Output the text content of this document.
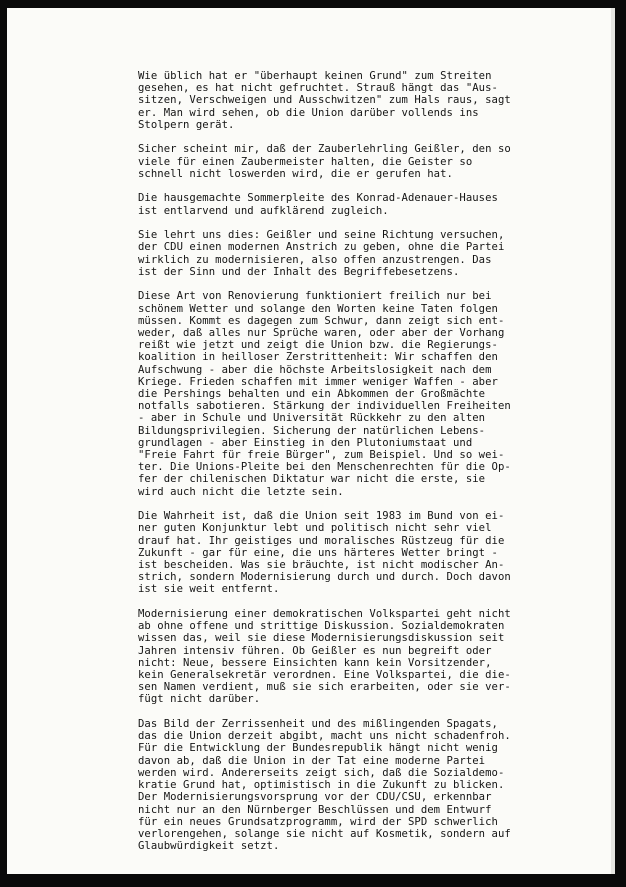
Wie üblich hat er "überhaupt keinen Grund" zum Streiten
gesehen, es hat nicht gefruchtet. Strauß hängt das "Aus-
sitzen, Verschweigen und Ausschwitzen" zum Hals raus, sagt
er. Man wird sehen, ob die Union darüber vollends ins
Stolpern gerät.

Sicher scheint mir, daß der Zauberlehrling Geißler, den so
viele für einen Zaubermeister halten, die Geister so
schnell nicht loswerden wird, die er gerufen hat.

Die hausgemachte Sommerpleite des Konrad-Adenauer-Hauses
ist entlarvend und aufklärend zugleich.

Sie lehrt uns dies: Geißler und seine Richtung versuchen,
der CDU einen modernen Anstrich zu geben, ohne die Partei
wirklich zu modernisieren, also offen anzustrengen. Das
ist der Sinn und der Inhalt des Begriffebesetzens.

Diese Art von Renovierung funktioniert freilich nur bei
schönem Wetter und solange den Worten keine Taten folgen
müssen. Kommt es dagegen zum Schwur, dann zeigt sich ent-
weder, daß alles nur Sprüche waren, oder aber der Vorhang
reißt wie jetzt und zeigt die Union bzw. die Regierungs-
koalition in heilloser Zerstrittenheit: Wir schaffen den
Aufschwung - aber die höchste Arbeitslosigkeit nach dem
Kriege. Frieden schaffen mit immer weniger Waffen - aber
die Pershings behalten und ein Abkommen der Großmächte
notfalls sabotieren. Stärkung der individuellen Freiheiten
- aber in Schule und Universität Rückkehr zu den alten
Bildungsprivilegien. Sicherung der natürlichen Lebens-
grundlagen - aber Einstieg in den Plutoniumstaat und
"Freie Fahrt für freie Bürger", zum Beispiel. Und so wei-
ter. Die Unions-Pleite bei den Menschenrechten für die Op-
fer der chilenischen Diktatur war nicht die erste, sie
wird auch nicht die letzte sein.

Die Wahrheit ist, daß die Union seit 1983 im Bund von ei-
ner guten Konjunktur lebt und politisch nicht sehr viel
drauf hat. Ihr geistiges und moralisches Rüstzeug für die
Zukunft - gar für eine, die uns härteres Wetter bringt -
ist bescheiden. Was sie bräuchte, ist nicht modischer An-
strich, sondern Modernisierung durch und durch. Doch davon
ist sie weit entfernt.

Modernisierung einer demokratischen Volkspartei geht nicht
ab ohne offene und strittige Diskussion. Sozialdemokraten
wissen das, weil sie diese Modernisierungsdiskussion seit
Jahren intensiv führen. Ob Geißler es nun begreift oder
nicht: Neue, bessere Einsichten kann kein Vorsitzender,
kein Generalsekretär verordnen. Eine Volkspartei, die die-
sen Namen verdient, muß sie sich erarbeiten, oder sie ver-
fügt nicht darüber.

Das Bild der Zerrissenheit und des mißlingenden Spagats,
das die Union derzeit abgibt, macht uns nicht schadenfroh.
Für die Entwicklung der Bundesrepublik hängt nicht wenig
davon ab, daß die Union in der Tat eine moderne Partei
werden wird. Andererseits zeigt sich, daß die Sozialdemo-
kratie Grund hat, optimistisch in die Zukunft zu blicken.
Der Modernisierungsvorsprung vor der CDU/CSU, erkennbar
nicht nur an den Nürnberger Beschlüssen und dem Entwurf
für ein neues Grundsatzprogramm, wird der SPD schwerlich
verlorengehen, solange sie nicht auf Kosmetik, sondern auf
Glaubwürdigkeit setzt.
